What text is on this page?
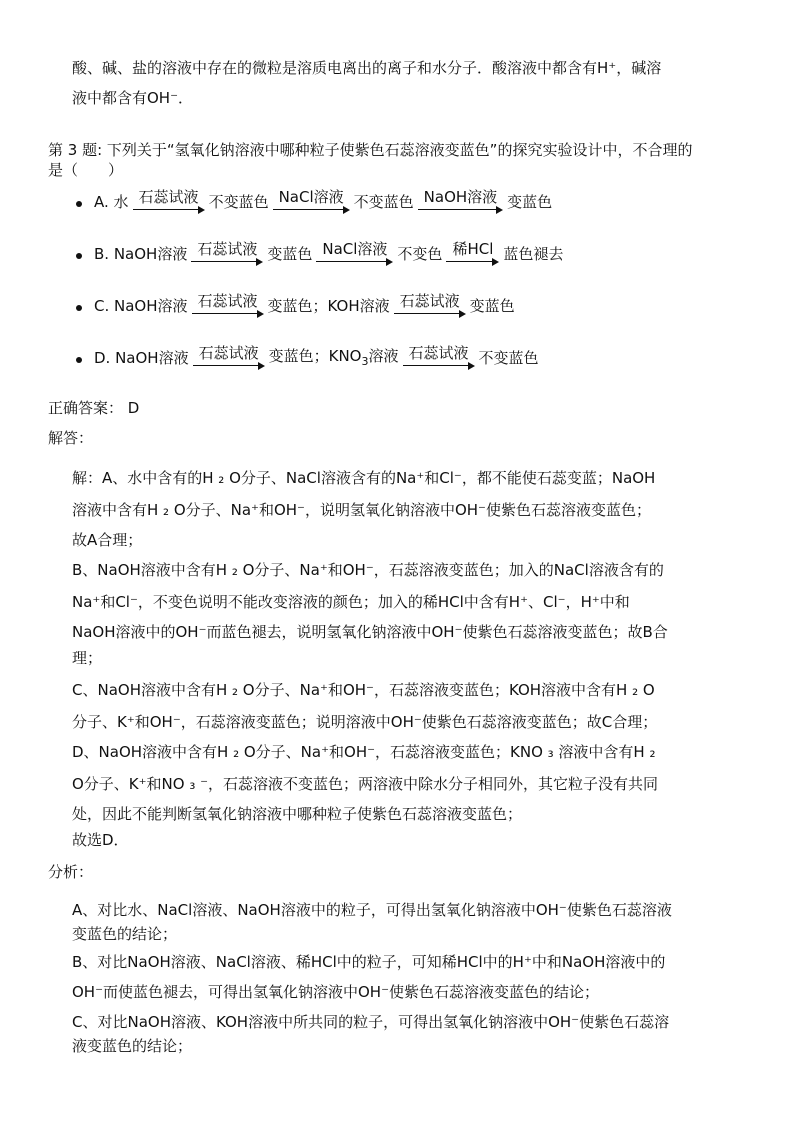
酸、碱、盐的溶液中存在的微粒是溶质电离出的离子和水分子．酸溶液中都含有H⁺，碱溶
液中都含有OH⁻．
第 3 题: 下列关于“氢氧化钠溶液中哪种粒子使紫色石蕊溶液变蓝色”的探究实验设计中，不合理的
是（　　）
A. 水 石蕊试液 不变蓝色 NaCl溶液 不变蓝色 NaOH溶液 变蓝色
B. NaOH溶液 石蕊试液 变蓝色 NaCl溶液 不变色 稀HCl 蓝色褪去
C. NaOH溶液 石蕊试液 变蓝色；KOH溶液 石蕊试液 变蓝色
D. NaOH溶液 石蕊试液 变蓝色；$KNO_3$溶液 石蕊试液 不变蓝色
正确答案： D
解答：
解：A、水中含有的H ₂ O分子、NaCl溶液含有的Na⁺和Cl⁻，都不能使石蕊变蓝；NaOH
溶液中含有H ₂ O分子、Na⁺和OH⁻，说明氢氧化钠溶液中OH⁻使紫色石蕊溶液变蓝色；
故A合理；
B、NaOH溶液中含有H ₂ O分子、Na⁺和OH⁻，石蕊溶液变蓝色；加入的NaCl溶液含有的
Na⁺和Cl⁻，不变色说明不能改变溶液的颜色；加入的稀HCl中含有H⁺、Cl⁻，H⁺中和
NaOH溶液中的OH⁻而蓝色褪去，说明氢氧化钠溶液中OH⁻使紫色石蕊溶液变蓝色；故B合
理；
C、NaOH溶液中含有H ₂ O分子、Na⁺和OH⁻，石蕊溶液变蓝色；KOH溶液中含有H ₂ O
分子、K⁺和OH⁻，石蕊溶液变蓝色；说明溶液中OH⁻使紫色石蕊溶液变蓝色；故C合理；
D、NaOH溶液中含有H ₂ O分子、Na⁺和OH⁻，石蕊溶液变蓝色；KNO ₃ 溶液中含有H ₂
O分子、K⁺和NO ₃ ⁻，石蕊溶液不变蓝色；两溶液中除水分子相同外，其它粒子没有共同
处，因此不能判断氢氧化钠溶液中哪种粒子使紫色石蕊溶液变蓝色；
故选D．
分析：
A、对比水、NaCl溶液、NaOH溶液中的粒子，可得出氢氧化钠溶液中OH⁻使紫色石蕊溶液
变蓝色的结论；
B、对比NaOH溶液、NaCl溶液、稀HCl中的粒子，可知稀HCl中的H⁺中和NaOH溶液中的
OH⁻而使蓝色褪去，可得出氢氧化钠溶液中OH⁻使紫色石蕊溶液变蓝色的结论；
C、对比NaOH溶液、KOH溶液中所共同的粒子，可得出氢氧化钠溶液中OH⁻使紫色石蕊溶
液变蓝色的结论；
